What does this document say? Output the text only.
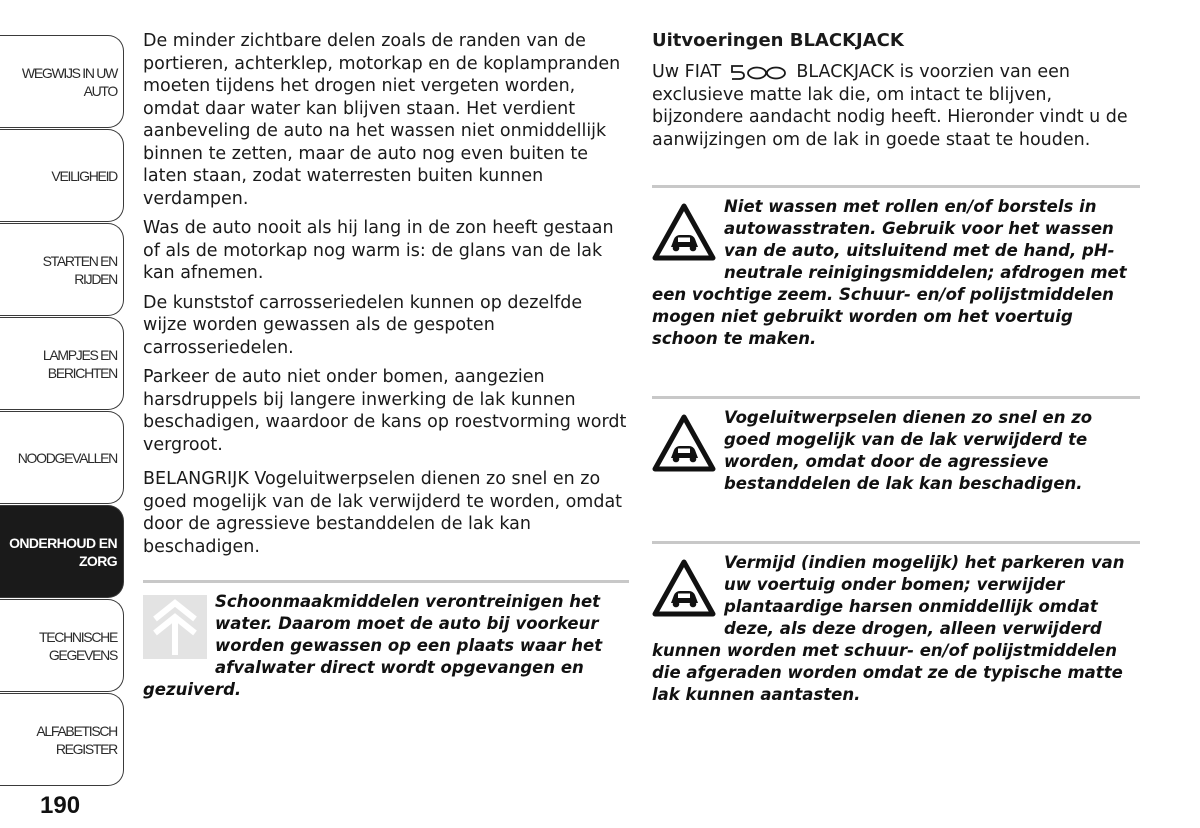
WEGWIJS IN UW
AUTO
VEILIGHEID
STARTEN EN RIJDEN
LAMPJES EN
BERICHTEN
NOODGEVALLEN
ONDERHOUD EN
ZORG
TECHNISCHE
GEGEVENS
ALFABETISCH
REGISTER
190

De minder zichtbare delen zoals de randen van de portieren, achterklep, motorkap en de koplampranden moeten tijdens het drogen niet vergeten worden, omdat daar water kan blijven staan. Het verdient aanbeveling de auto na het wassen niet onmiddellijk binnen te zetten, maar de auto nog even buiten te laten staan, zodat waterresten buiten kunnen verdampen.

Was de auto nooit als hij lang in de zon heeft gestaan of als de motorkap nog warm is: de glans van de lak kan afnemen.

De kunststof carrosseriedelen kunnen op dezelfde wijze worden gewassen als de gespoten carrosseriedelen.

Parkeer de auto niet onder bomen, aangezien harsdruppels bij langere inwerking de lak kunnen beschadigen, waardoor de kans op roestvorming wordt vergroot.

BELANGRIJK Vogeluitwerpselen dienen zo snel en zo goed mogelijk van de lak verwijderd te worden, omdat door de agressieve bestanddelen de lak kan beschadigen.

Schoonmaakmiddelen verontreinigen het water. Daarom moet de auto bij voorkeur worden gewassen op een plaats waar het afvalwater direct wordt opgevangen en gezuiverd.
Uitvoeringen BLACKJACK

Uw FIAT	BLACKJACK is voorzien van een exclusieve matte lak die, om intact te blijven, bijzondere aandacht nodig heeft. Hieronder vindt u de aanwijzingen om de lak in goede staat te houden.

Niet wassen met rollen en/of borstels in autowasstraten. Gebruik voor het wassen van de auto, uitsluitend met de hand, pH-neutrale reinigingsmiddelen; afdrogen met een vochtige zeem. Schuur- en/of polijstmiddelen mogen niet gebruikt worden om het voertuig schoon te maken.
Vogeluitwerpselen dienen zo snel en zo goed mogelijk van de lak verwijderd te worden, omdat door de agressieve bestanddelen de lak kan beschadigen.
Vermijd (indien mogelijk) het parkeren van uw voertuig onder bomen; verwijder plantaardige harsen onmiddellijk omdat deze, als deze drogen, alleen verwijderd kunnen worden met schuur- en/of polijstmiddelen die afgeraden worden omdat ze de typische matte lak kunnen aantasten.
